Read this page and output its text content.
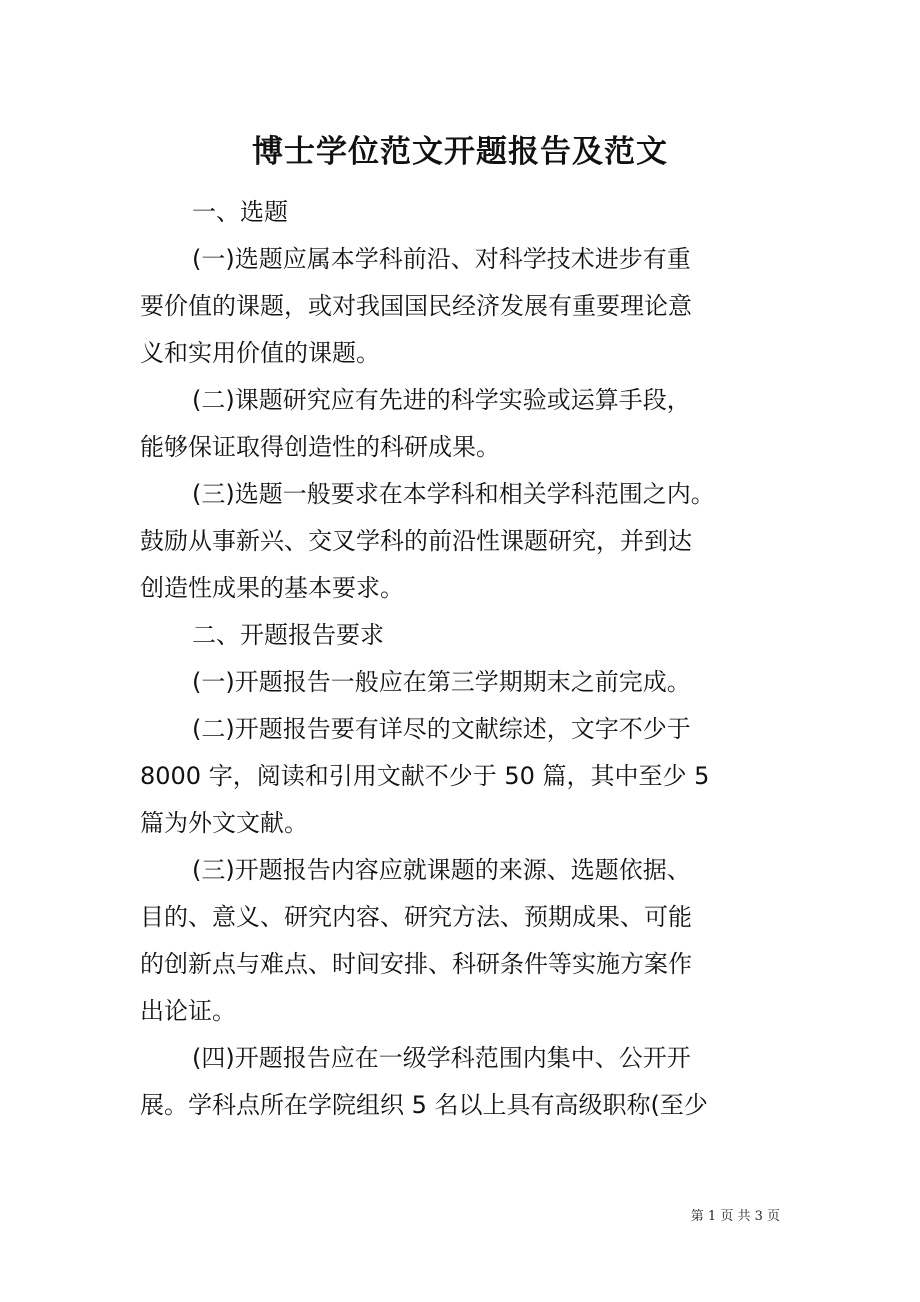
博士学位范文开题报告及范文
一、选题
(一)选题应属本学科前沿、对科学技术进步有重
要价值的课题，或对我国国民经济发展有重要理论意
义和实用价值的课题。
(二)课题研究应有先进的科学实验或运算手段，
能够保证取得创造性的科研成果。
(三)选题一般要求在本学科和相关学科范围之内。
鼓励从事新兴、交叉学科的前沿性课题研究，并到达
创造性成果的基本要求。
二、开题报告要求
(一)开题报告一般应在第三学期期末之前完成。
(二)开题报告要有详尽的文献综述，文字不少于
8000 字，阅读和引用文献不少于 50 篇，其中至少 5
篇为外文文献。
(三)开题报告内容应就课题的来源、选题依据、
目的、意义、研究内容、研究方法、预期成果、可能
的创新点与难点、时间安排、科研条件等实施方案作
出论证。
(四)开题报告应在一级学科范围内集中、公开开
展。学科点所在学院组织 5 名以上具有高级职称(至少
第 1 页 共 3 页
